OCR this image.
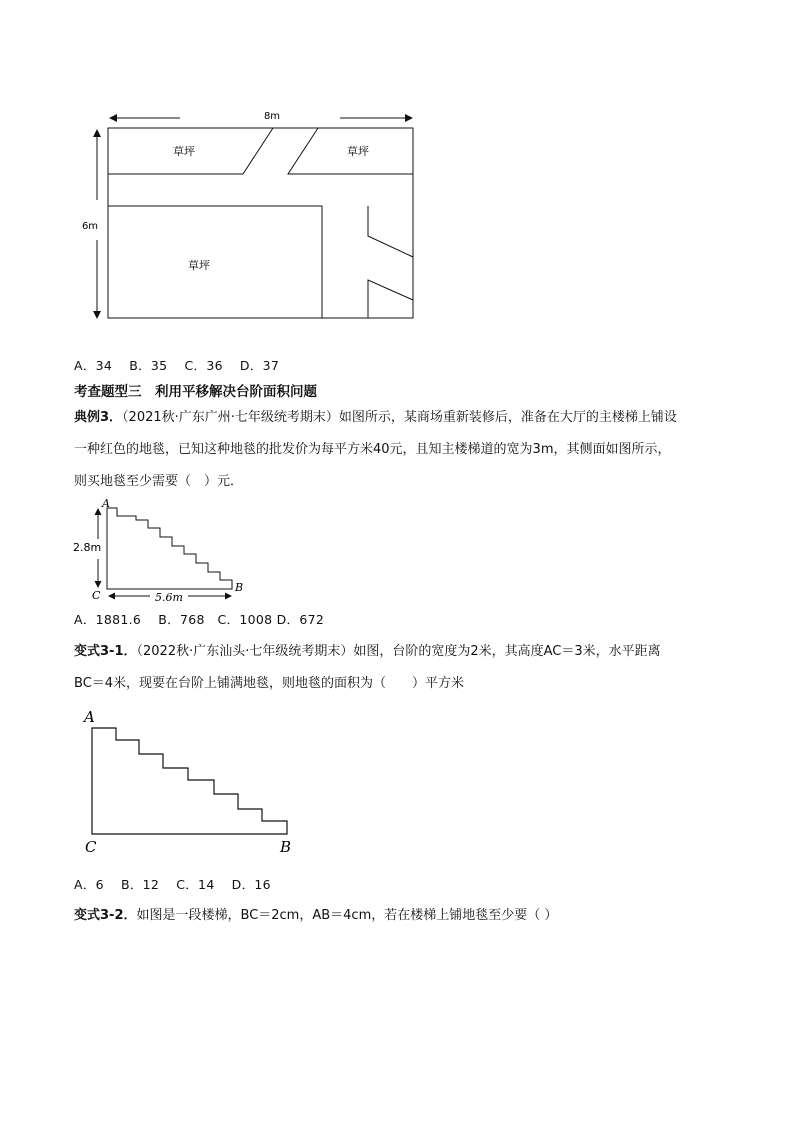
8m
6m
草坪	草坪
草坪
A．34　 B．35　 C．36　 D．37
考查题型三　利用平移解决台阶面积问题
典例3．（2021秋·广东广州·七年级统考期末）如图所示，某商场重新装修后，准备在大厅的主楼梯上铺设
一种红色的地毯，已知这种地毯的批发价为每平方米40元，且知主楼梯道的宽为3m，其侧面如图所示，
则买地毯至少需要（　）元．
A
B
C
2.8m
5.6m
A．1881.6　 B．768　C．1008 D．672
变式3-1．（2022秋·广东汕头·七年级统考期末）如图，台阶的宽度为2米，其高度AC＝3米，水平距离
BC＝4米，现要在台阶上铺满地毯，则地毯的面积为（　　）平方米
A
B
C
A．6　 B．12　 C．14　 D．16
变式3-2．如图是一段楼梯，BC＝2cm，AB＝4cm，若在楼梯上铺地毯至少要（ ）
